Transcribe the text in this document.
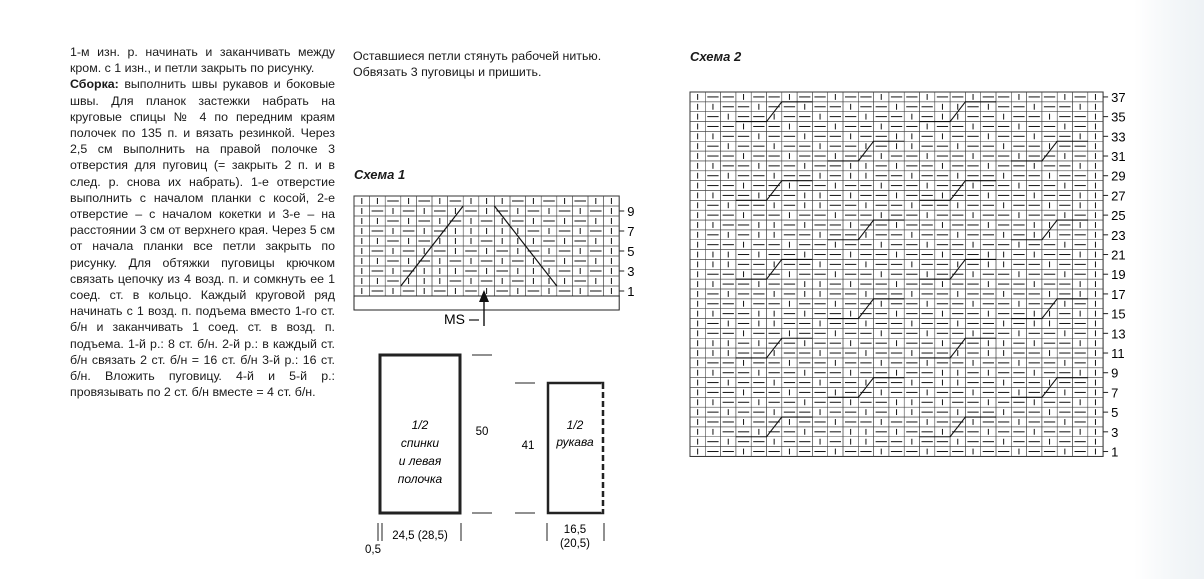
1-м изн. р. начинать и заканчивать между кром. с 1 изн., и петли закрыть по рисунку.

Сборка: выполнить швы рукавов и боковые швы. Для планок застежки набрать на круговые спицы № 4 по передним краям полочек по 135 п. и вязать резинкой. Через 2,5 см выполнить на правой полочке 3 отверстия для пуговиц (= закрыть 2 п. и в след. р. снова их набрать). 1-е отверстие выполнить с началом планки с косой, 2-е отверстие – с началом кокетки и 3-е – на расстоянии 3 см от верхнего края. Через 5 см от начала планки все петли закрыть по рисунку. Для обтяжки пуговицы крючком связать цепочку из 4 возд. п. и сомкнуть ее 1 соед. ст. в кольцо. Каждый круговой ряд начинать с 1 возд. п. подъема вместо 1-го ст. б/н и заканчивать 1 соед. ст. в возд. п. подъема. 1-й р.: 8 ст. б/н. 2-й р.: в каждый ст. б/н связать 2 ст. б/н = 16 ст. б/н 3-й р.: 16 ст. б/н. Вложить пуговицу. 4-й и 5-й р.: провязывать по 2 ст. б/н вместе = 4 ст. б/н.

Оставшиеся петли стянуть рабочей нитью. Обвязать 3 пуговицы и пришить.

Схема 1
1
3
5
7
9
MS
1/2
спинки
и левая
полочка
50
24,5 (28,5)
0,5
1/2
рукава
41
16,5
(20,5)
Схема 2
1
3
5
7
9
11
13
15
17
19
21
23
25
27
29
31
33
35
37
